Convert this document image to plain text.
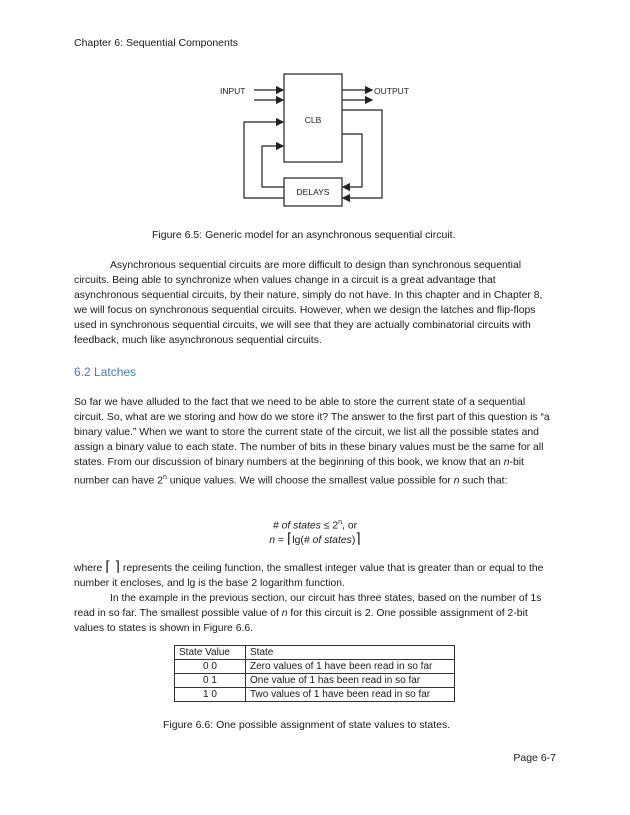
Chapter 6: Sequential Components
CLB
DELAYS
INPUT	OUTPUT
Figure 6.5: Generic model for an asynchronous sequential circuit.

Asynchronous sequential circuits are more difficult to design than synchronous sequential circuits. Being able to synchronize when values change in a circuit is a great advantage that asynchronous sequential circuits, by their nature, simply do not have. In this chapter and in Chapter 8, we will focus on synchronous sequential circuits. However, when we design the latches and flip-flops used in synchronous sequential circuits, we will see that they are actually combinatorial circuits with feedback, much like asynchronous sequential circuits.

6.2 Latches

So far we have alluded to the fact that we need to be able to store the current state of a sequential circuit. So, what are we storing and how do we store it? The answer to the first part of this question is “a binary value.” When we want to store the current state of the circuit, we list all the possible states and assign a binary value to each state. The number of bits in these binary values must be the same for all states. From our discussion of binary numbers at the beginning of this book, we know that an n-bit number can have 2$^n$ unique values. We will choose the smallest value possible for n such that:

# of states ≤ $2^n$, or
n = ⌈lg(# of states)⌉

where ⌈ ⌉ represents the ceiling function, the smallest integer value that is greater than or equal to the number it encloses, and lg is the base 2 logarithm function.

In the example in the previous section, our circuit has three states, based on the number of 1s read in so far. The smallest possible value of n for this circuit is 2. One possible assignment of 2-bit values to states is shown in Figure 6.6.

State Value	State
0 0	Zero values of 1 have been read in so far
0 1	One value of 1 has been read in so far
1 0	Two values of 1 have been read in so far
Figure 6.6: One possible assignment of state values to states.
Page 6-7
